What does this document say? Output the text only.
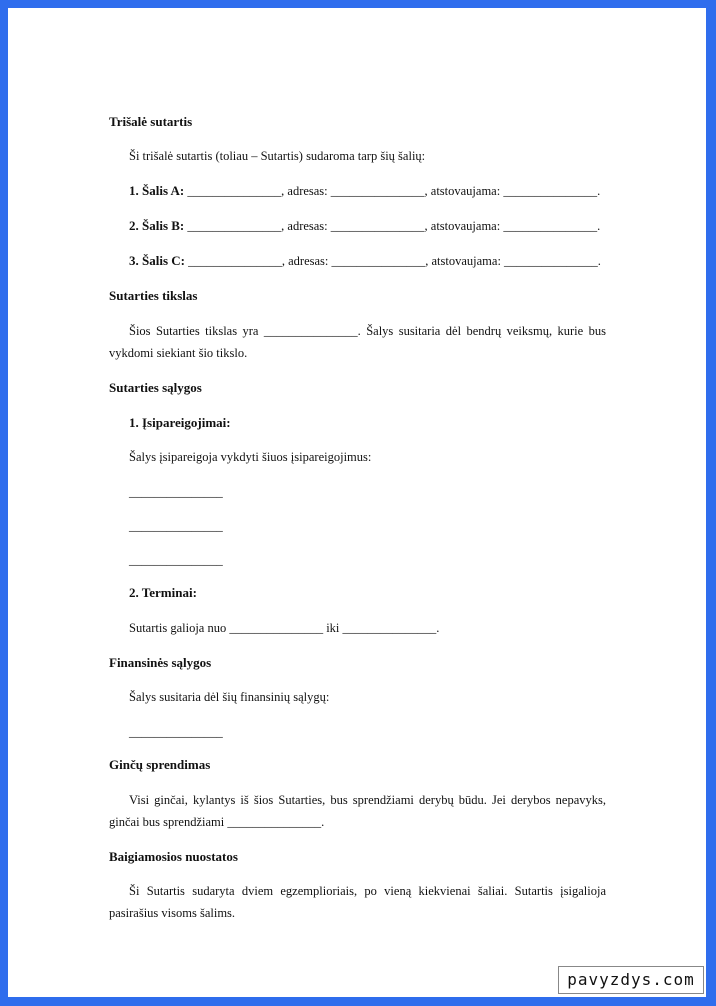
Trišalė sutartis
Ši trišalė sutartis (toliau – Sutartis) sudaroma tarp šių šalių:
1. Šalis A: _______________, adresas: _______________, atstovaujama: _______________.
2. Šalis B: _______________, adresas: _______________, atstovaujama: _______________.
3. Šalis C: _______________, adresas: _______________, atstovaujama: _______________.
Sutarties tikslas
Šios Sutarties tikslas yra _______________. Šalys susitaria dėl bendrų veiksmų, kurie bus vykdomi siekiant šio tikslo.
Sutarties sąlygos
1. Įsipareigojimai:
Šalys įsipareigoja vykdyti šiuos įsipareigojimus:
_______________
_______________
_______________
2. Terminai:
Sutartis galioja nuo _______________ iki _______________.
Finansinės sąlygos
Šalys susitaria dėl šių finansinių sąlygų:
_______________
Ginčų sprendimas
Visi ginčai, kylantys iš šios Sutarties, bus sprendžiami derybų būdu. Jei derybos nepavyks, ginčai bus sprendžiami _______________.
Baigiamosios nuostatos
Ši Sutartis sudaryta dviem egzemplioriais, po vieną kiekvienai šaliai. Sutartis įsigalioja pasirašius visoms šalims.
pavyzdys.com
